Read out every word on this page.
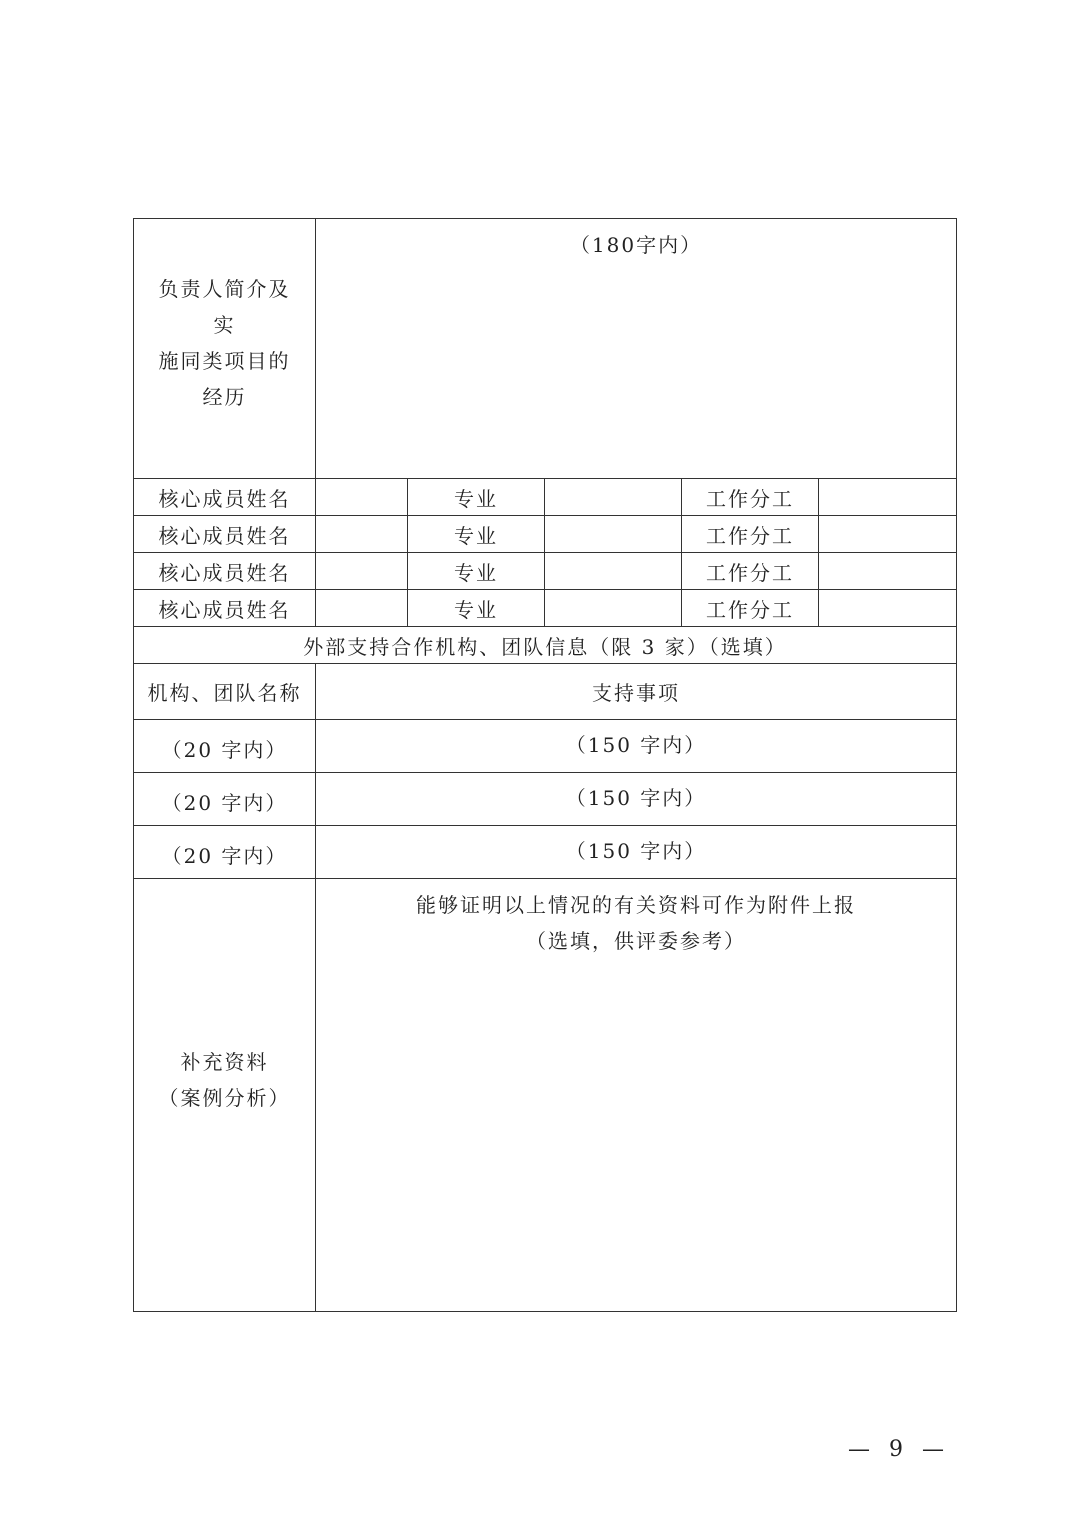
负责人简介及实
施同类项目的
经历	（180字内）				

核心成员姓名		专业		工作分工	
核心成员姓名		专业		工作分工	
核心成员姓名		专业		工作分工	
核心成员姓名		专业		工作分工	
外部支持合作机构、团队信息（限 3 家）（选填）					
机构、团队名称	支持事项				
（20 字内）	（150 字内）				
（20 字内）	（150 字内）				
（20 字内）	（150 字内）				

补充资料
（案例分析）	能够证明以上情况的有关资料可作为附件上报
（选填，供评委参考）				
— 9 —
